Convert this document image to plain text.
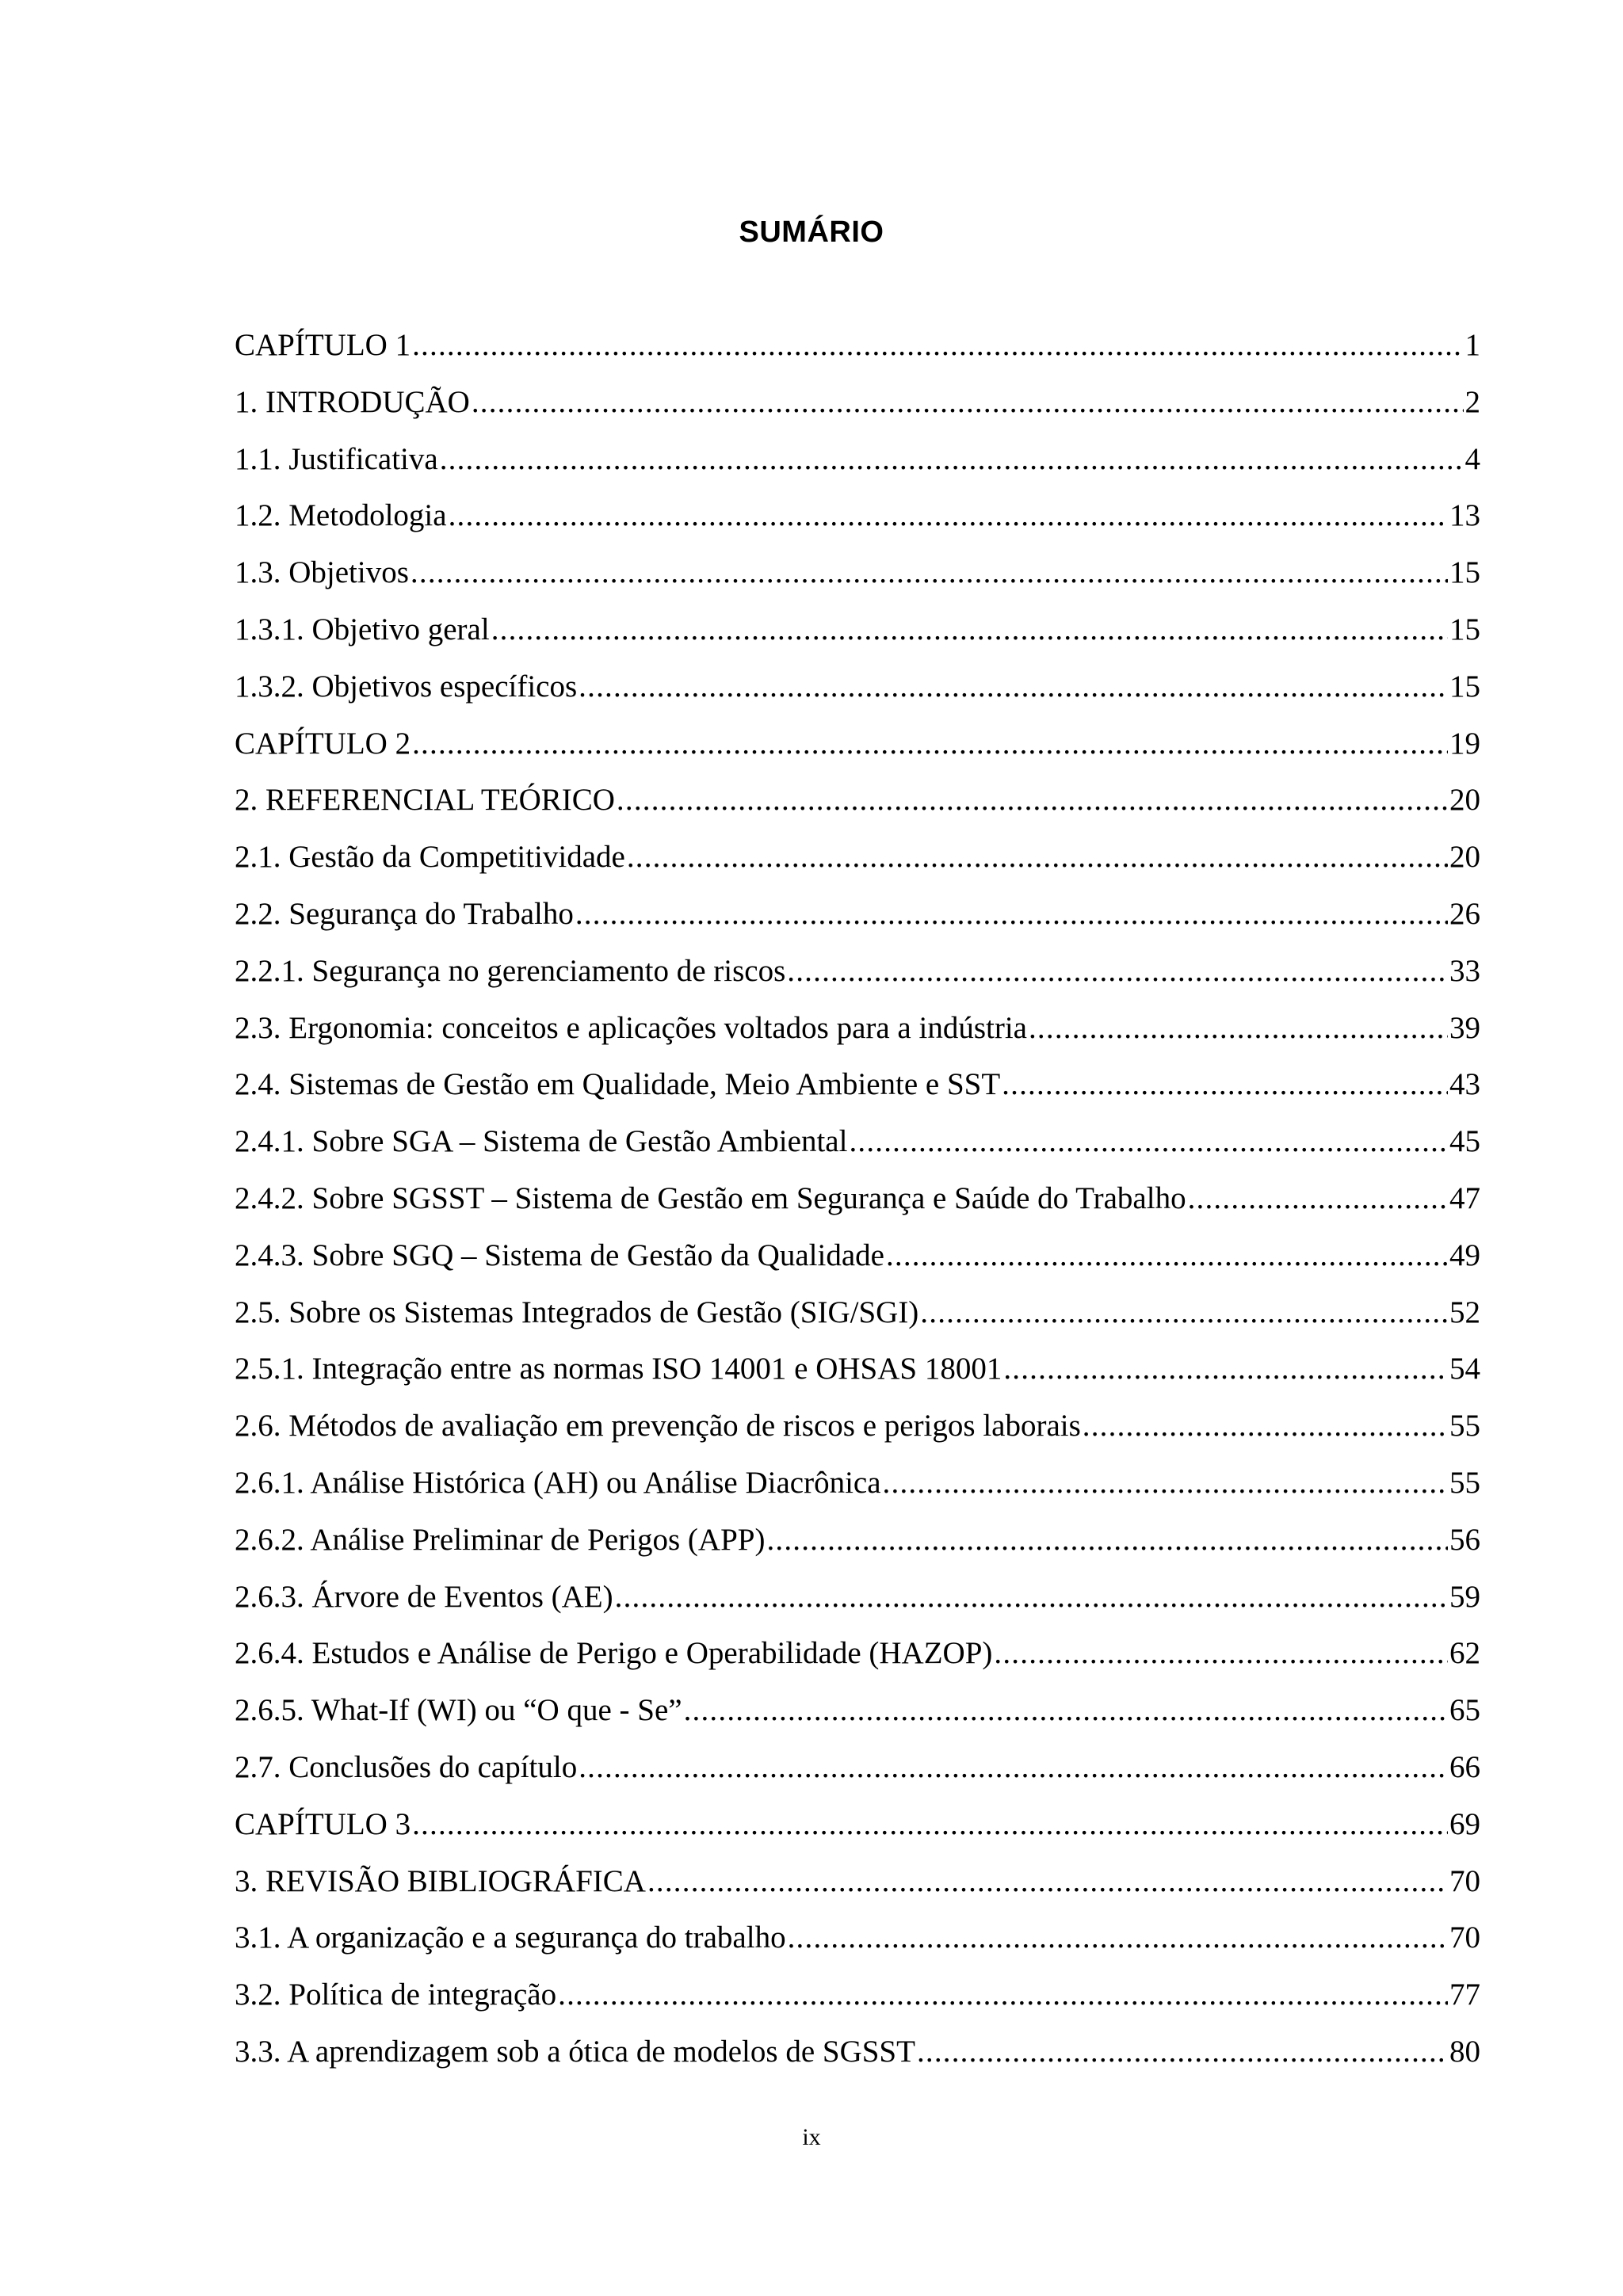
SUMÁRIO
CAPÍTULO 1 .....	1
1. INTRODUÇÃO .....	2
1.1. Justificativa .....	4
1.2. Metodologia .....	13
1.3. Objetivos .....	15
1.3.1. Objetivo geral .....	15
1.3.2. Objetivos específicos .....	15
CAPÍTULO 2 .....	19
2. REFERENCIAL TEÓRICO .....	20
2.1. Gestão da Competitividade .....	20
2.2. Segurança do Trabalho .....	26
2.2.1. Segurança no gerenciamento de riscos .....	33
2.3. Ergonomia: conceitos e aplicações voltados para a indústria .....	39
2.4. Sistemas de Gestão em Qualidade, Meio Ambiente e SST .....	43
2.4.1. Sobre SGA – Sistema de Gestão Ambiental .....	45
2.4.2. Sobre SGSST – Sistema de Gestão em Segurança e Saúde do Trabalho .....	47
2.4.3. Sobre SGQ – Sistema de Gestão da Qualidade .....	49
2.5. Sobre os Sistemas Integrados de Gestão (SIG/SGI) .....	52
2.5.1. Integração entre as normas ISO 14001 e OHSAS 18001 .....	54
2.6. Métodos de avaliação em prevenção de riscos e perigos laborais .....	55
2.6.1. Análise Histórica (AH) ou Análise Diacrônica .....	55
2.6.2. Análise Preliminar de Perigos (APP) .....	56
2.6.3. Árvore de Eventos (AE) .....	59
2.6.4. Estudos e Análise de Perigo e Operabilidade (HAZOP) .....	62
2.6.5. What-If (WI) ou “O que - Se” .....	65
2.7. Conclusões do capítulo .....	66
CAPÍTULO 3 .....	69
3. REVISÃO BIBLIOGRÁFICA .....	70
3.1. A organização e a segurança do trabalho .....	70
3.2. Política de integração .....	77
3.3. A aprendizagem sob a ótica de modelos de SGSST .....	80
ix
